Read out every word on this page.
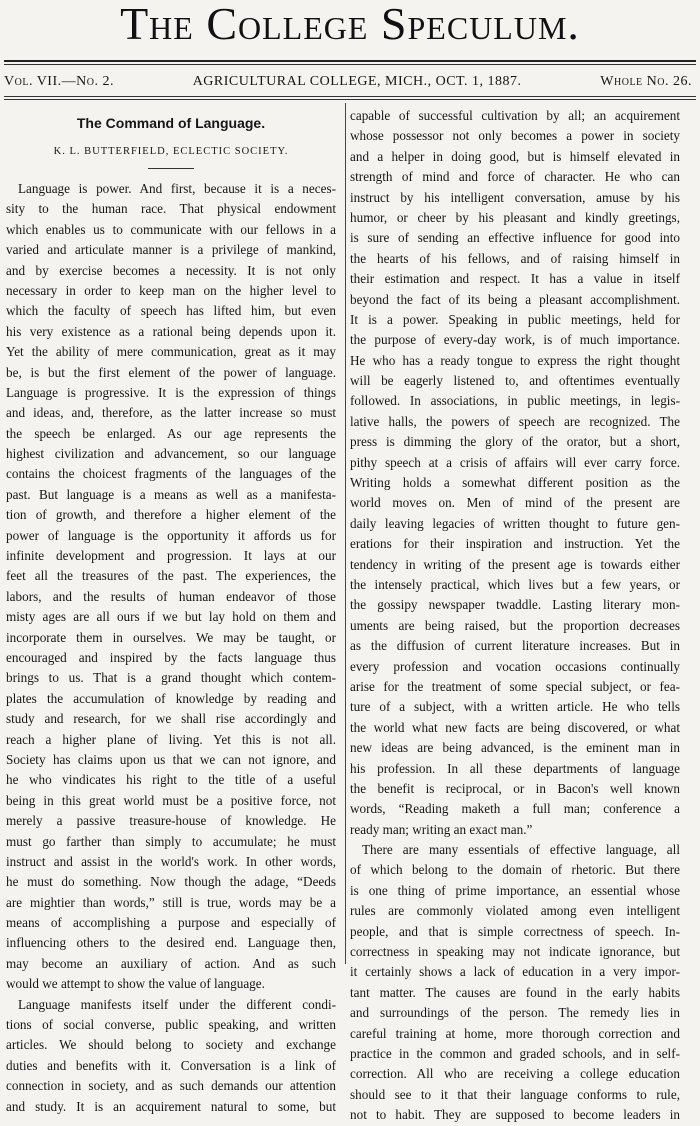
The College Speculum.
Vol. VII.—No. 2.	AGRICULTURAL COLLEGE, MICH., OCT. 1, 1887.	Whole No. 26.
The Command of Language.
K. L. BUTTERFIELD, ECLECTIC SOCIETY.
Language is power. And first, because it is a neces-
sity to the human race. That physical endowment
which enables us to communicate with our fellows in a
varied and articulate manner is a privilege of mankind,
and by exercise becomes a necessity. It is not only
necessary in order to keep man on the higher level to
which the faculty of speech has lifted him, but even
his very existence as a rational being depends upon it.
Yet the ability of mere communication, great as it may
be, is but the first element of the power of language.
Language is progressive. It is the expression of things
and ideas, and, therefore, as the latter increase so must
the speech be enlarged. As our age represents the
highest civilization and advancement, so our language
contains the choicest fragments of the languages of the
past. But language is a means as well as a manifesta-
tion of growth, and therefore a higher element of the
power of language is the opportunity it affords us for
infinite development and progression. It lays at our
feet all the treasures of the past. The experiences, the
labors, and the results of human endeavor of those
misty ages are all ours if we but lay hold on them and
incorporate them in ourselves. We may be taught, or
encouraged and inspired by the facts language thus
brings to us. That is a grand thought which contem-
plates the accumulation of knowledge by reading and
study and research, for we shall rise accordingly and
reach a higher plane of living. Yet this is not all.
Society has claims upon us that we can not ignore, and
he who vindicates his right to the title of a useful
being in this great world must be a positive force, not
merely a passive treasure-house of knowledge. He
must go farther than simply to accumulate; he must
instruct and assist in the world's work. In other words,
he must do something. Now though the adage, “Deeds
are mightier than words,” still is true, words may be a
means of accomplishing a purpose and especially of
influencing others to the desired end. Language then,
may become an auxiliary of action. And as such
would we attempt to show the value of language.
Language manifests itself under the different condi-
tions of social converse, public speaking, and written
articles. We should belong to society and exchange
duties and benefits with it. Conversation is a link of
connection in society, and as such demands our attention
and study. It is an acquirement natural to some, but
capable of successful cultivation by all; an acquirement
whose possessor not only becomes a power in society
and a helper in doing good, but is himself elevated in
strength of mind and force of character. He who can
instruct by his intelligent conversation, amuse by his
humor, or cheer by his pleasant and kindly greetings,
is sure of sending an effective influence for good into
the hearts of his fellows, and of raising himself in
their estimation and respect. It has a value in itself
beyond the fact of its being a pleasant accomplishment.
It is a power. Speaking in public meetings, held for
the purpose of every-day work, is of much importance.
He who has a ready tongue to express the right thought
will be eagerly listened to, and oftentimes eventually
followed. In associations, in public meetings, in legis-
lative halls, the powers of speech are recognized. The
press is dimming the glory of the orator, but a short,
pithy speech at a crisis of affairs will ever carry force.
Writing holds a somewhat different position as the
world moves on. Men of mind of the present are
daily leaving legacies of written thought to future gen-
erations for their inspiration and instruction. Yet the
tendency in writing of the present age is towards either
the intensely practical, which lives but a few years, or
the gossipy newspaper twaddle. Lasting literary mon-
uments are being raised, but the proportion decreases
as the diffusion of current literature increases. But in
every profession and vocation occasions continually
arise for the treatment of some special subject, or fea-
ture of a subject, with a written article. He who tells
the world what new facts are being discovered, or what
new ideas are being advanced, is the eminent man in
his profession. In all these departments of language
the benefit is reciprocal, or in Bacon's well known
words, “Reading maketh a full man; conference a
ready man; writing an exact man.”
There are many essentials of effective language, all
of which belong to the domain of rhetoric. But there
is one thing of prime importance, an essential whose
rules are commonly violated among even intelligent
people, and that is simple correctness of speech. In-
correctness in speaking may not indicate ignorance, but
it certainly shows a lack of education in a very impor-
tant matter. The causes are found in the early habits
and surroundings of the person. The remedy lies in
careful training at home, more thorough correction and
practice in the common and graded schools, and in self-
correction. All who are receiving a college education
should see to it that their language conforms to rule,
not to habit. They are supposed to become leaders in
